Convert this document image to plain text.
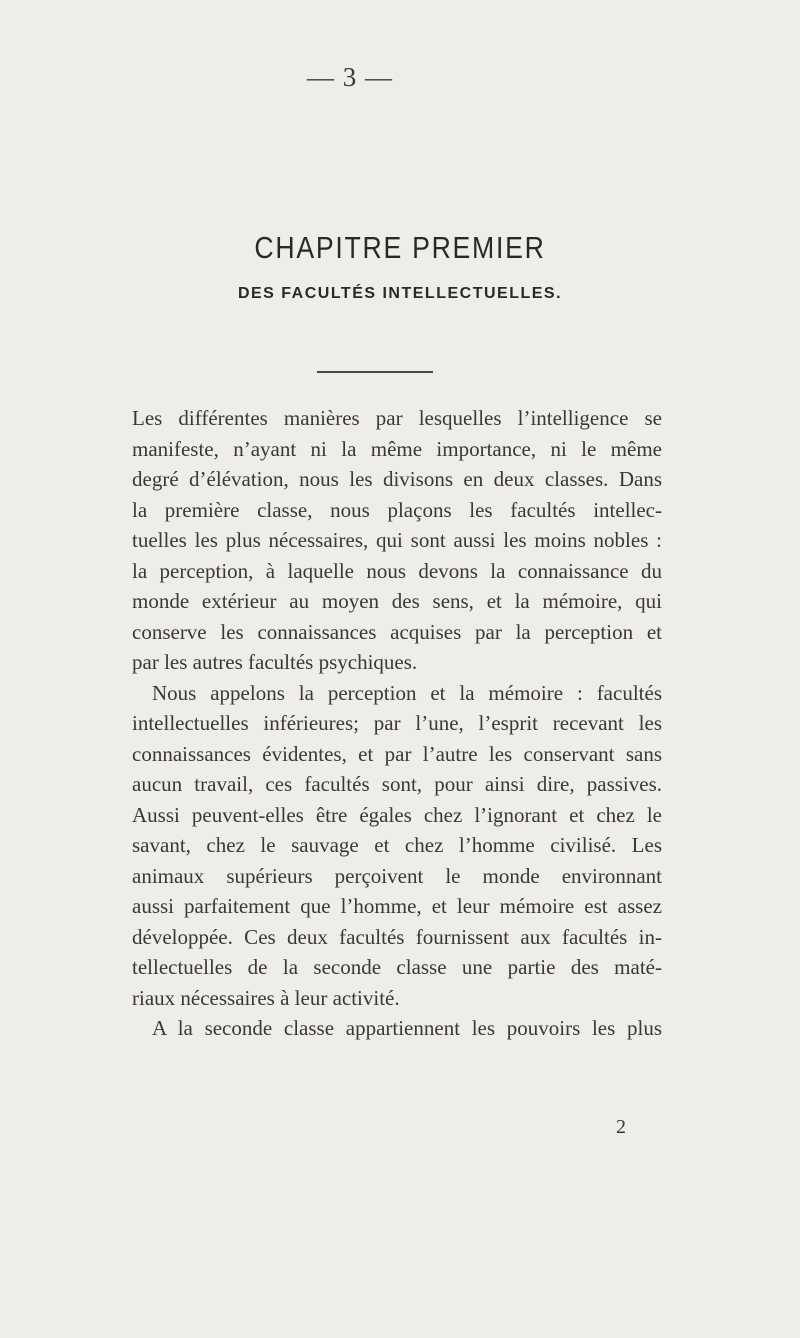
— 3 —
CHAPITRE PREMIER
DES FACULTÉS INTELLECTUELLES.
Les différentes manières par lesquelles l’intelligence se
manifeste, n’ayant ni la même importance, ni le même
degré d’élévation, nous les divisons en deux classes. Dans
la première classe, nous plaçons les facultés intellec-
tuelles les plus nécessaires, qui sont aussi les moins nobles :
la perception, à laquelle nous devons la connaissance du
monde extérieur au moyen des sens, et la mémoire, qui
conserve les connaissances acquises par la perception et
par les autres facultés psychiques.
Nous appelons la perception et la mémoire : facultés
intellectuelles inférieures; par l’une, l’esprit recevant les
connaissances évidentes, et par l’autre les conservant sans
aucun travail, ces facultés sont, pour ainsi dire, passives.
Aussi peuvent-elles être égales chez l’ignorant et chez le
savant, chez le sauvage et chez l’homme civilisé. Les
animaux supérieurs perçoivent le monde environnant
aussi parfaitement que l’homme, et leur mémoire est assez
développée. Ces deux facultés fournissent aux facultés in-
tellectuelles de la seconde classe une partie des maté-
riaux nécessaires à leur activité.
A la seconde classe appartiennent les pouvoirs les plus
2
